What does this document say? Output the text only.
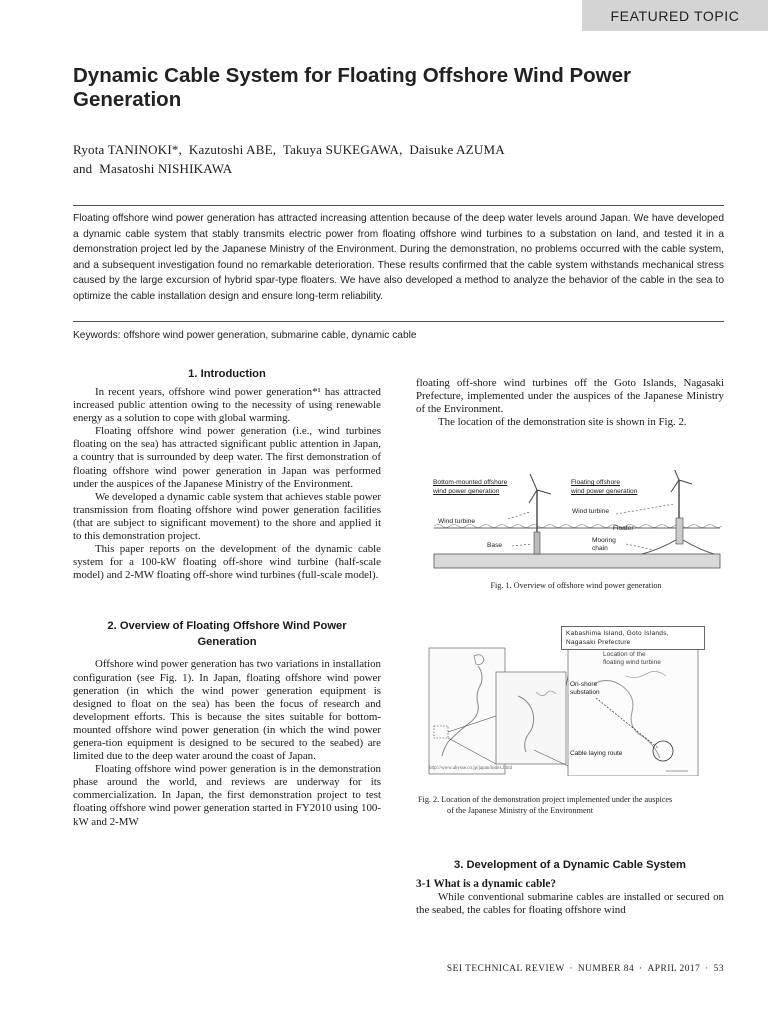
FEATURED TOPIC
Dynamic Cable System for Floating Offshore Wind Power Generation
Ryota TANINOKI*,  Kazutoshi ABE,  Takuya SUKEGAWA,  Daisuke AZUMA
and  Masatoshi NISHIKAWA

Floating offshore wind power generation has attracted increasing attention because of the deep water levels around Japan. We have developed a dynamic cable system that stably transmits electric power from floating offshore wind turbines to a substation on land, and tested it in a demonstration project led by the Japanese Ministry of the Environment. During the demonstration, no problems occurred with the cable system, and a subsequent investigation found no remarkable deterioration. These results confirmed that the cable system withstands mechanical stress caused by the large excursion of hybrid spar-type floaters. We have also developed a method to analyze the behavior of the cable in the sea to optimize the cable installation design and ensure long-term reliability.

Keywords: offshore wind power generation, submarine cable, dynamic cable
1. Introduction

In recent years, offshore wind power generation*¹ has attracted increased public attention owing to the necessity of using renewable energy as a solution to cope with global warming.

Floating offshore wind power generation (i.e., wind turbines floating on the sea) has attracted significant public attention in Japan, a country that is surrounded by deep water. The first demonstration of floating offshore wind power generation in Japan was performed under the auspices of the Japanese Ministry of the Environment.

We developed a dynamic cable system that achieves stable power transmission from floating offshore wind power generation facilities (that are subject to significant movement) to the shore and applied it to this demonstration project.

This paper reports on the development of the dynamic cable system for a 100-kW floating off-shore wind turbine (half-scale model) and 2-MW floating off-shore wind turbines (full-scale model).

2. Overview of Floating Offshore Wind Power Generation

Offshore wind power generation has two variations in installation configuration (see Fig. 1). In Japan, floating offshore wind power generation (in which the wind power generation equipment is designed to float on the sea) has been the focus of research and development efforts. This is because the sites suitable for bottom-mounted offshore wind power generation (in which the wind power genera-tion equipment is designed to be secured to the seabed) are limited due to the deep water around the coast of Japan.

Floating offshore wind power generation is in the demonstration phase around the world, and reviews are underway for its commercialization. In Japan, the first demonstration project to test floating offshore wind power generation started in FY2010 using 100-kW and 2-MW

floating off-shore wind turbines off the Goto Islands, Nagasaki Prefecture, implemented under the auspices of the Japanese Ministry of the Environment.

The location of the demonstration site is shown in Fig. 2.

Bottom-mounted offshore
wind power generation
Floating offshore
wind power generation
Wind turbine
Wind turbine
Base
Floater
Mooring
chain
Fig. 1. Overview of offshore wind power generation
Kabashima Island, Goto Islands,
Nagasaki Prefecture
Location of the
floating wind turbine
On-shore
substation
Cable laying route
http://www.abysse.co.jp/japan/index.html
Fig. 2. Location of the demonstration project implemented under the auspices
of the Japanese Ministry of the Environment
3. Development of a Dynamic Cable System
3-1 What is a dynamic cable?

While conventional submarine cables are installed or secured on the seabed, the cables for floating offshore wind

SEI TECHNICAL REVIEW · NUMBER 84 · APRIL 2017 · 53
